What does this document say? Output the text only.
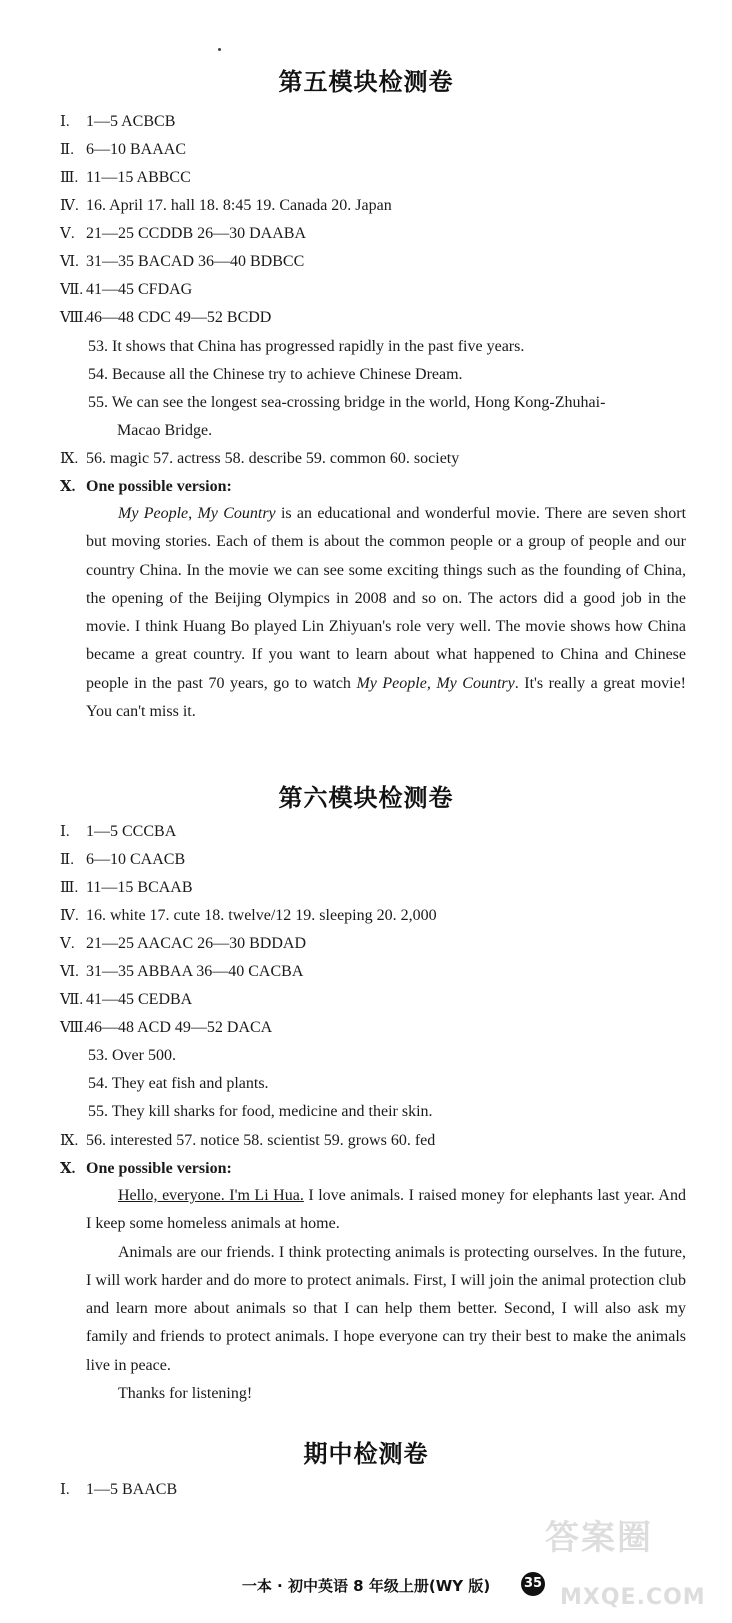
第五模块检测卷
Ⅰ. 1—5 ACBCB
Ⅱ. 6—10 BAAAC
Ⅲ. 11—15 ABBCC
Ⅳ. 16. April 17. hall 18. 8:45 19. Canada 20. Japan
Ⅴ. 21—25 CCDDB 26—30 DAABA
Ⅵ. 31—35 BACAD 36—40 BDBCC
Ⅶ. 41—45 CFDAG
Ⅷ.
46—48 CDC 49—52 BCDD
53. It shows that China has progressed rapidly in the past five years.
54. Because all the Chinese try to achieve Chinese Dream.
55. We can see the longest sea-crossing bridge in the world, Hong Kong-Zhuhai-
Macao Bridge.
Ⅸ. 56. magic 57. actress 58. describe 59. common 60. society
Ⅹ. One possible version:

My People, My Country is an educational and wonderful movie. There are seven short but moving stories. Each of them is about the common people or a group of people and our country China. In the movie we can see some exciting things such as the founding of China, the opening of the Beijing Olympics in 2008 and so on. The actors did a good job in the movie. I think Huang Bo played Lin Zhiyuan's role very well. The movie shows how China became a great country. If you want to learn about what happened to China and Chinese people in the past 70 years, go to watch My People, My Country. It's really a great movie! You can't miss it.

第六模块检测卷
Ⅰ. 1—5 CCCBA
Ⅱ. 6—10 CAACB
Ⅲ. 11—15 BCAAB
Ⅳ. 16. white 17. cute 18. twelve/12 19. sleeping 20. 2,000
Ⅴ. 21—25 AACAC 26—30 BDDAD
Ⅵ. 31—35 ABBAA 36—40 CACBA
Ⅶ. 41—45 CEDBA
Ⅷ.
46—48 ACD 49—52 DACA
53. Over 500.
54. They eat fish and plants.
55. They kill sharks for food, medicine and their skin.
Ⅸ. 56. interested 57. notice 58. scientist 59. grows 60. fed
Ⅹ. One possible version:

Hello, everyone. I'm Li Hua. I love animals. I raised money for elephants last year. And I keep some homeless animals at home.

Animals are our friends. I think protecting animals is protecting ourselves. In the future, I will work harder and do more to protect animals. First, I will join the animal protection club and learn more about animals so that I can help them better. Second, I will also ask my family and friends to protect animals. I hope everyone can try their best to make the animals live in peace.

Thanks for listening!

期中检测卷
Ⅰ. 1—5 BAACB
答案圈
MXQE.COM
一本 · 初中英语 8 年级上册(WY 版)	35
